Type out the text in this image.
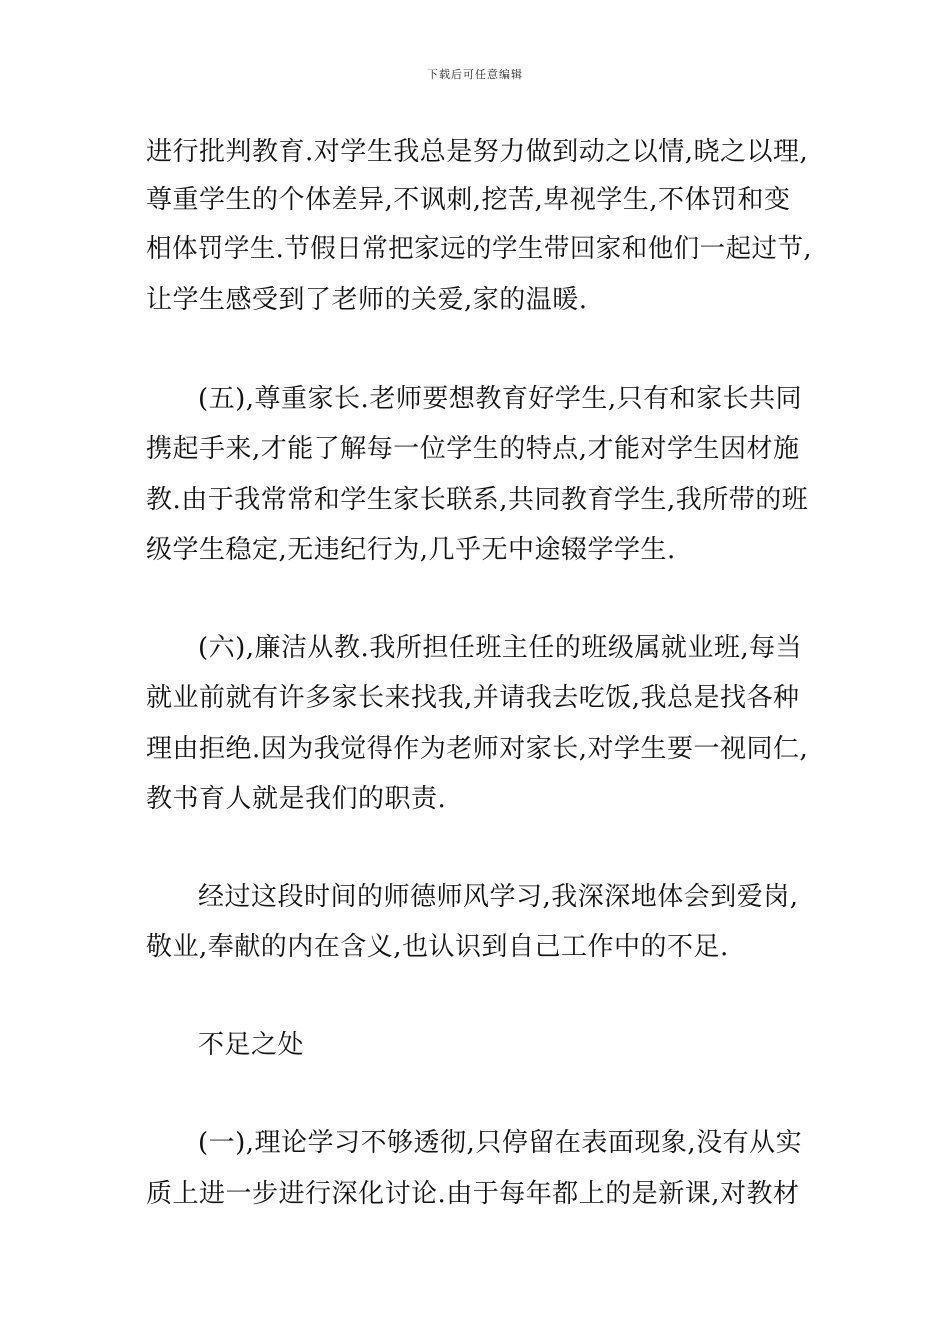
下载后可任意编辑
进行批判教育.对学生我总是努力做到动之以情,晓之以理,
尊重学生的个体差异,不讽刺,挖苦,卑视学生,不体罚和变
相体罚学生.节假日常把家远的学生带回家和他们一起过节,
让学生感受到了老师的关爱,家的温暖.
(五),尊重家长.老师要想教育好学生,只有和家长共同
携起手来,才能了解每一位学生的特点,才能对学生因材施
教.由于我常常和学生家长联系,共同教育学生,我所带的班
级学生稳定,无违纪行为,几乎无中途辍学学生.
(六),廉洁从教.我所担任班主任的班级属就业班,每当
就业前就有许多家长来找我,并请我去吃饭,我总是找各种
理由拒绝.因为我觉得作为老师对家长,对学生要一视同仁,
教书育人就是我们的职责.
经过这段时间的师德师风学习,我深深地体会到爱岗,
敬业,奉献的内在含义,也认识到自己工作中的不足.
不足之处
(一),理论学习不够透彻,只停留在表面现象,没有从实
质上进一步进行深化讨论.由于每年都上的是新课,对教材
